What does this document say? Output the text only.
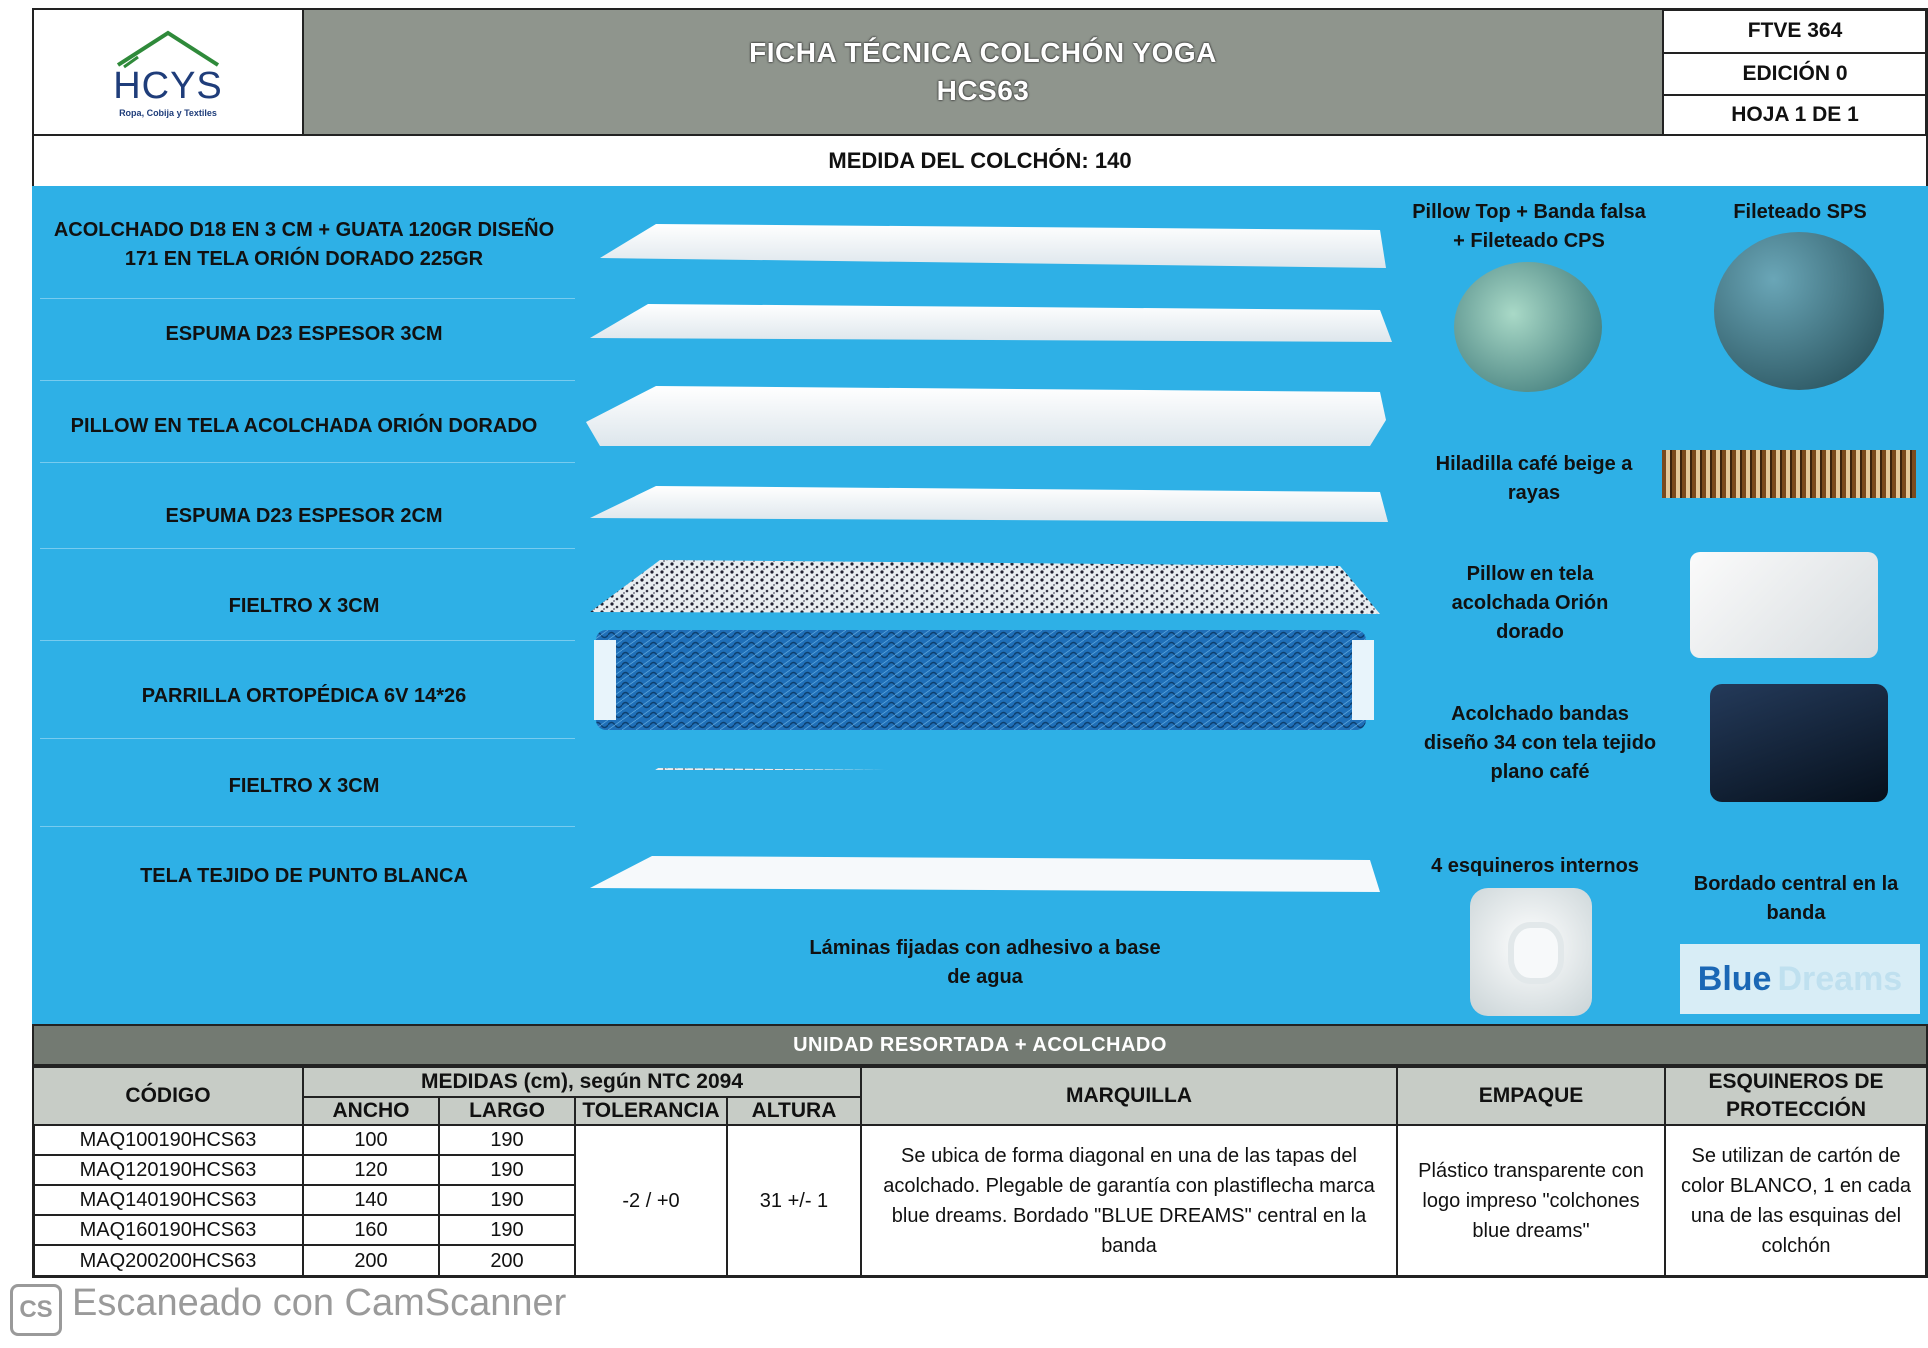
HCYS
Ropa, Cobija y Textiles
FICHA TÉCNICA COLCHÓN YOGA
HCS63
FTVE 364
EDICIÓN 0
HOJA 1 DE 1
MEDIDA DEL COLCHÓN: 140
ACOLCHADO D18 EN 3 CM + GUATA 120GR DISEÑO 171 EN TELA ORIÓN DORADO 225GR
ESPUMA D23 ESPESOR 3CM
PILLOW EN TELA ACOLCHADA ORIÓN DORADO
ESPUMA D23 ESPESOR 2CM
FIELTRO X 3CM
PARRILLA ORTOPÉDICA 6V 14*26
FIELTRO X 3CM
TELA TEJIDO DE PUNTO BLANCA
Láminas fijadas con adhesivo a base de agua
Pillow Top + Banda falsa + Fileteado CPS
Fileteado SPS
Hiladilla café beige a rayas
Pillow en tela acolchada Orión dorado
Acolchado bandas diseño 34 con tela tejido plano café
4 esquineros internos
Bordado central en la banda
Blue Dreams
UNIDAD RESORTADA + ACOLCHADO
CÓDIGO
MEDIDAS (cm), según NTC 2094
ANCHO	LARGO	TOLERANCIA	ALTURA
MARQUILLA	EMPAQUE
ESQUINEROS DE PROTECCIÓN
MAQ100190HCS63	100	190
MAQ120190HCS63	120	190
MAQ140190HCS63	140	190
MAQ160190HCS63	160	190
MAQ200200HCS63	200	200
-2 / +0	31 +/- 1
Se ubica de forma diagonal en una de las tapas del acolchado. Plegable de garantía con plastiflecha marca blue dreams. Bordado "BLUE DREAMS" central en la banda
Plástico transparente con logo impreso "colchones blue dreams"
Se utilizan de cartón de color BLANCO, 1 en cada una de las esquinas del colchón
CS Escaneado con CamScanner
